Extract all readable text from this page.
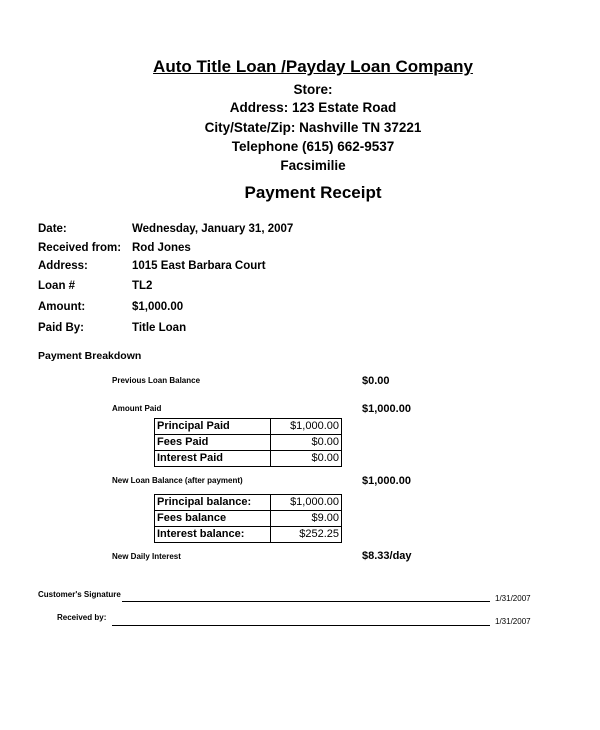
Auto Title Loan /Payday Loan Company
Store:
Address: 123 Estate Road
City/State/Zip: Nashville TN 37221
Telephone (615) 662-9537
Facsimilie
Payment Receipt
Date:	Wednesday, January 31, 2007
Received from: Rod Jones
Address:	1015 East Barbara Court
Loan #	TL2
Amount:	$1,000.00
Paid By:	Title Loan
Payment Breakdown
Previous Loan Balance	$0.00
Amount Paid	$1,000.00
Principal Paid	$1,000.00
Fees Paid	$0.00
Interest Paid	$0.00
New Loan Balance (after payment)	$1,000.00
Principal balance:	$1,000.00
Fees balance	$9.00
Interest balance:	$252.25
New Daily Interest	$8.33/day
Customer's Signature	1/31/2007
Received by:	1/31/2007
